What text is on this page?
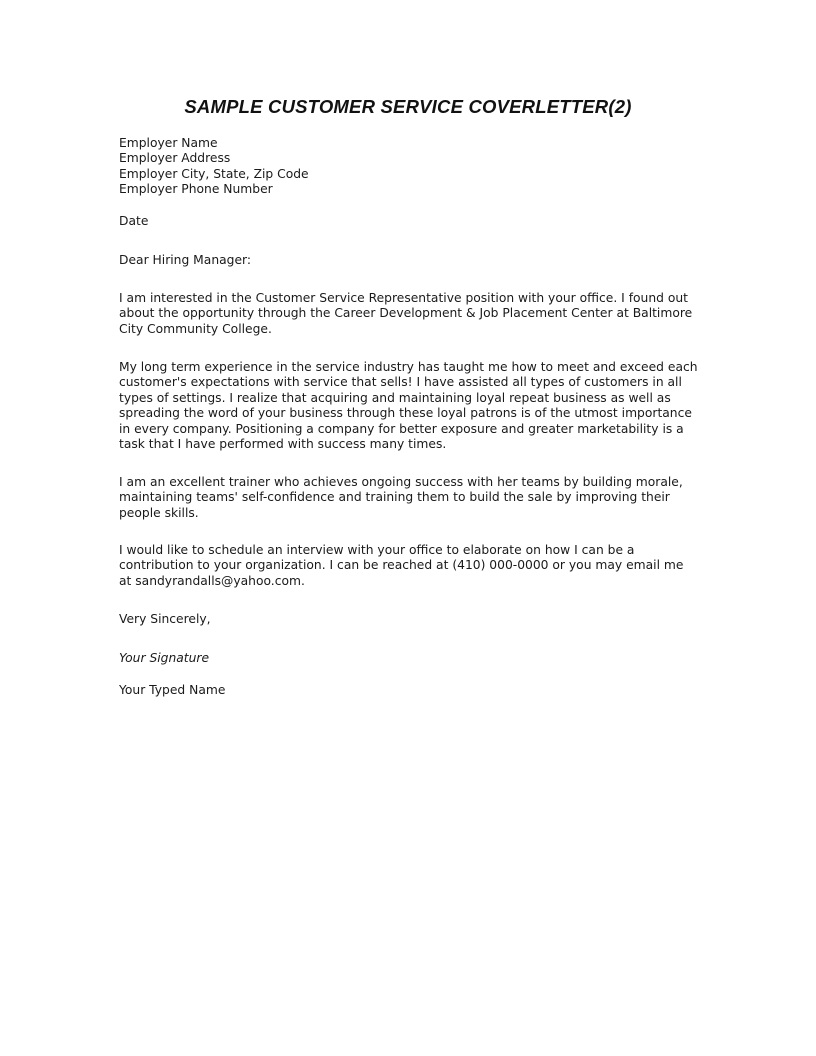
SAMPLE CUSTOMER SERVICE COVERLETTER(2)
Employer Name
Employer Address
Employer City, State, Zip Code
Employer Phone Number
Date
Dear Hiring Manager:
I am interested in the Customer Service Representative position with your office. I found out
about the opportunity through the Career Development & Job Placement Center at Baltimore
City Community College.
My long term experience in the service industry has taught me how to meet and exceed each
customer's expectations with service that sells! I have assisted all types of customers in all
types of settings. I realize that acquiring and maintaining loyal repeat business as well as
spreading the word of your business through these loyal patrons is of the utmost importance
in every company. Positioning a company for better exposure and greater marketability is a
task that I have performed with success many times.
I am an excellent trainer who achieves ongoing success with her teams by building morale,
maintaining teams' self-confidence and training them to build the sale by improving their
people skills.
I would like to schedule an interview with your office to elaborate on how I can be a
contribution to your organization. I can be reached at (410) 000-0000 or you may email me
at sandyrandalls@yahoo.com.
Very Sincerely,
Your Signature
Your Typed Name
